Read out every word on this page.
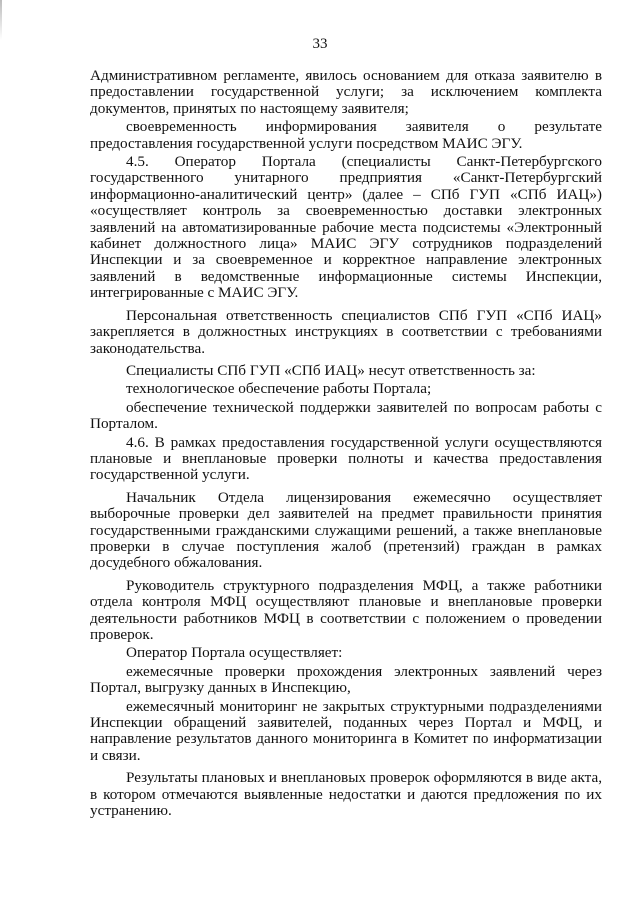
33

Административном регламенте, явилось основанием для отказа заявителю в предоставлении государственной услуги; за исключением комплекта документов, принятых по настоящему заявителя;

своевременность информирования заявителя о результате предоставления государственной услуги посредством МАИС ЭГУ.

4.5. Оператор Портала (специалисты Санкт-Петербургского государственного унитарного предприятия «Санкт-Петербургский информационно-аналитический центр» (далее – СПб ГУП «СПб ИАЦ») «осуществляет контроль за своевременностью доставки электронных заявлений на автоматизированные рабочие места подсистемы «Электронный кабинет должностного лица» МАИС ЭГУ сотрудников подразделений Инспекции и за своевременное и корректное направление электронных заявлений в ведомственные информационные системы Инспекции, интегрированные с МАИС ЭГУ.

Персональная ответственность специалистов СПб ГУП «СПб ИАЦ» закрепляется в должностных инструкциях в соответствии с требованиями законодательства.

Специалисты СПб ГУП «СПб ИАЦ» несут ответственность за:

технологическое обеспечение работы Портала;

обеспечение технической поддержки заявителей по вопросам работы с Порталом.

4.6. В рамках предоставления государственной услуги осуществляются плановые и внеплановые проверки полноты и качества предоставления государственной услуги.

Начальник Отдела лицензирования ежемесячно осуществляет выборочные проверки дел заявителей на предмет правильности принятия государственными гражданскими служащими решений, а также внеплановые проверки в случае поступления жалоб (претензий) граждан в рамках досудебного обжалования.

Руководитель структурного подразделения МФЦ, а также работники отдела контроля МФЦ осуществляют плановые и внеплановые проверки деятельности работников МФЦ в соответствии с положением о проведении проверок.

Оператор Портала осуществляет:

ежемесячные проверки прохождения электронных заявлений через Портал, выгрузку данных в Инспекцию,

ежемесячный мониторинг не закрытых структурными подразделениями Инспекции обращений заявителей, поданных через Портал и МФЦ, и направление результатов данного мониторинга в Комитет по информатизации и связи.

Результаты плановых и внеплановых проверок оформляются в виде акта, в котором отмечаются выявленные недостатки и даются предложения по их устранению.
